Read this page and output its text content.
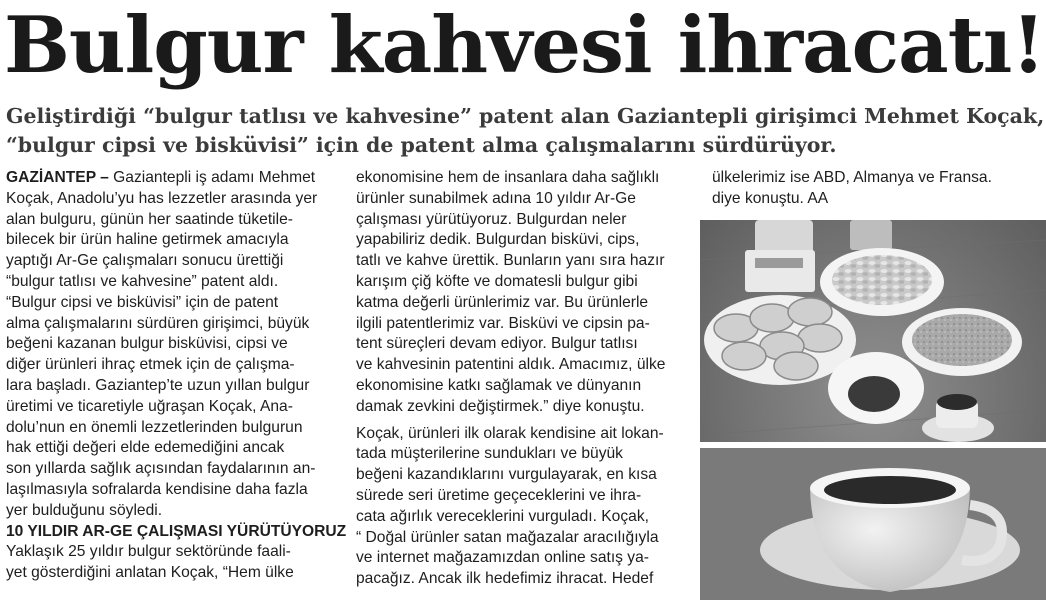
Bulgur kahvesi ihracatı!
Geliştirdiği “bulgur tatlısı ve kahvesine” patent alan Gaziantepli girişimci Mehmet Koçak,
“bulgur cipsi ve bisküvisi” için de patent alma çalışmalarını sürdürüyor.
GAZİANTEP – Gaziantepli iş adamı Mehmet
Koçak, Anadolu’yu has lezzetler arasında yer
alan bulguru, günün her saatinde tüketile-
bilecek bir ürün haline getirmek amacıyla
yaptığı Ar-Ge çalışmaları sonucu ürettiği
“bulgur tatlısı ve kahvesine” patent aldı.
“Bulgur cipsi ve bisküvisi” için de patent
alma çalışmalarını sürdüren girişimci, büyük
beğeni kazanan bulgur bisküvisi, cipsi ve
diğer ürünleri ihraç etmek için de çalışma-
lara başladı. Gaziantep’te uzun yıllan bulgur
üretimi ve ticaretiyle uğraşan Koçak, Ana-
dolu’nun en önemli lezzetlerinden bulgurun
hak ettiği değeri elde edemediğini ancak
son yıllarda sağlık açısından faydalarının an-
laşılmasıyla sofralarda kendisine daha fazla
yer bulduğunu söyledi.
10 YILDIR AR-GE ÇALIŞMASI YÜRÜTÜYORUZ
Yaklaşık 25 yıldır bulgur sektöründe faali-
yet gösterdiğini anlatan Koçak, “Hem ülke
ekonomisine hem de insanlara daha sağlıklı
ürünler sunabilmek adına 10 yıldır Ar-Ge
çalışması yürütüyoruz. Bulgurdan neler
yapabiliriz dedik. Bulgurdan bisküvi, cips,
tatlı ve kahve ürettik. Bunların yanı sıra hazır
karışım çiğ köfte ve domatesli bulgur gibi
katma değerli ürünlerimiz var. Bu ürünlerle
ilgili patentlerimiz var. Bisküvi ve cipsin pa-
tent süreçleri devam ediyor. Bulgur tatlısı
ve kahvesinin patentini aldık. Amacımız, ülke
ekonomisine katkı sağlamak ve dünyanın
damak zevkini değiştirmek.” diye konuştu.
Koçak, ürünleri ilk olarak kendisine ait lokan-
tada müşterilerine sundukları ve büyük
beğeni kazandıklarını vurgulayarak, en kısa
sürede seri üretime geçeceklerini ve ihra-
cata ağırlık vereceklerini vurguladı. Koçak,
“ Doğal ürünler satan mağazalar aracılığıyla
ve internet mağazamızdan online satış ya-
pacağız. Ancak ilk hedefimiz ihracat. Hedef
ülkelerimiz ise ABD, Almanya ve Fransa.
diye konuştu. AA
